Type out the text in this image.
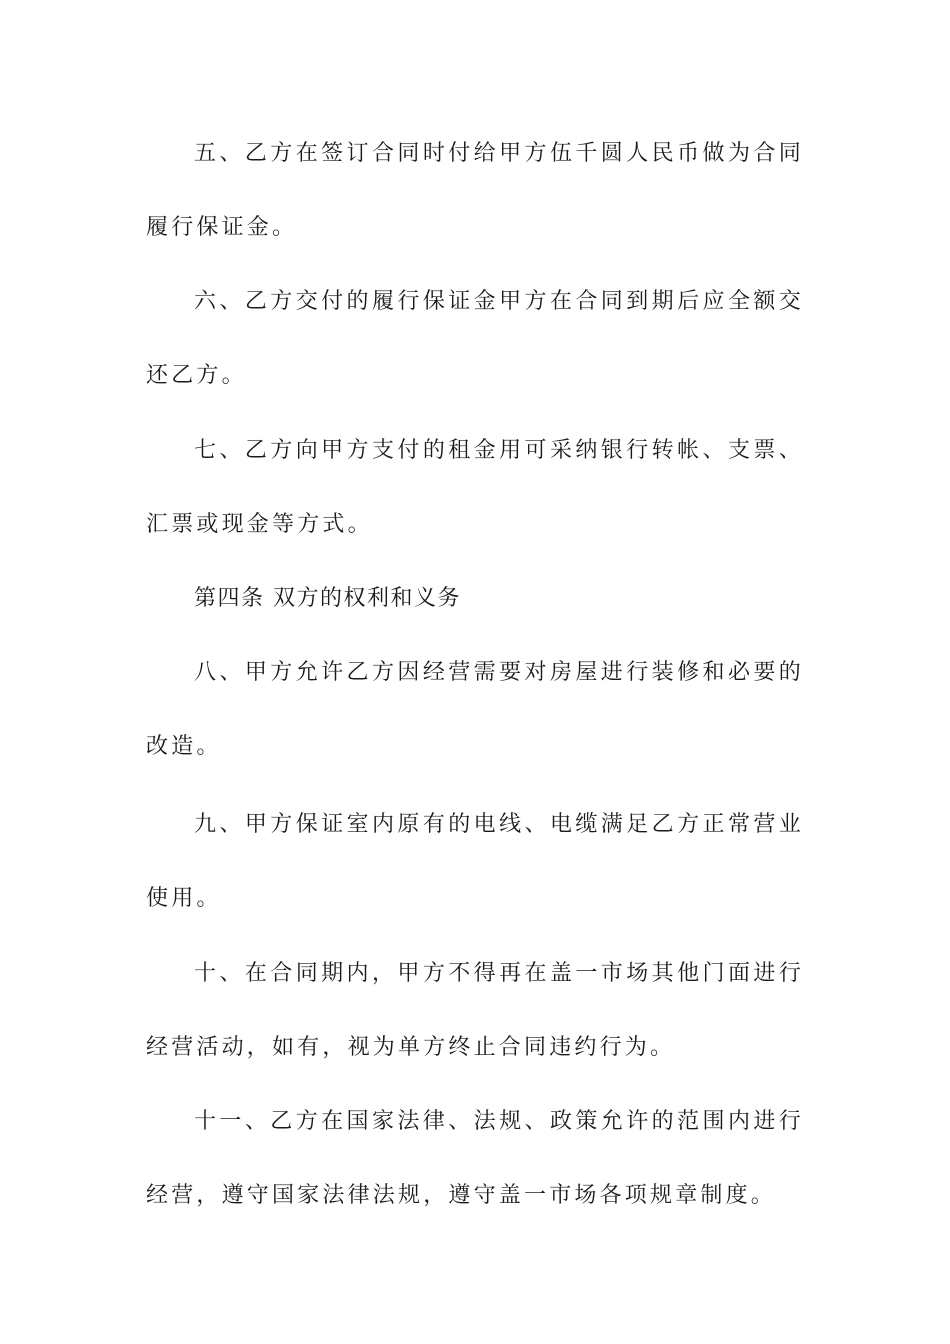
五、乙方在签订合同时付给甲方伍千圆人民币做为合同履行保证金。

六、乙方交付的履行保证金甲方在合同到期后应全额交还乙方。

七、乙方向甲方支付的租金用可采纳银行转帐、支票、汇票或现金等方式。

第四条 双方的权利和义务

八、甲方允许乙方因经营需要对房屋进行装修和必要的改造。

九、甲方保证室内原有的电线、电缆满足乙方正常营业使用。

十、在合同期内，甲方不得再在盖一市场其他门面进行经营活动，如有，视为单方终止合同违约行为。

十一、乙方在国家法律、法规、政策允许的范围内进行经营，遵守国家法律法规，遵守盖一市场各项规章制度。
